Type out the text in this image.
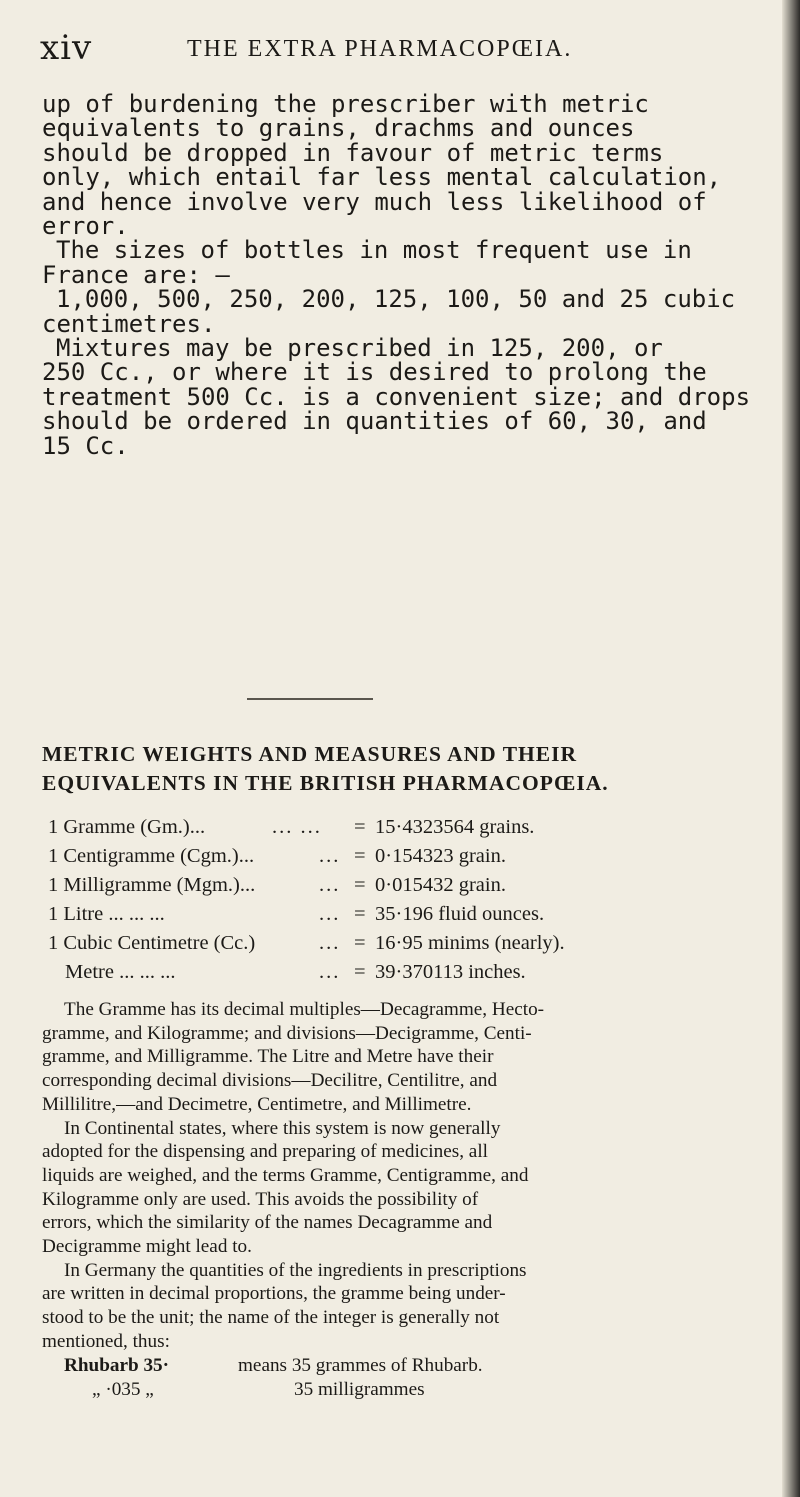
xiv	THE EXTRA PHARMACOPŒIA.

up of burdening the prescriber with metric

equivalents to grains, drachms and ounces

should be dropped in favour of metric terms

only, which entail far less mental calculation,

and hence involve very much less likelihood of

error.

The sizes of bottles in most frequent use in

France are: –

1,000, 500, 250, 200, 125, 100, 50 and 25 cubic

centimetres.

Mixtures may be prescribed in 125, 200, or

250 Cc., or where it is desired to prolong the

treatment 500 Cc. is a convenient size; and drops

should be ordered in quantities of 60, 30, and

15 Cc.

METRIC WEIGHTS AND MEASURES AND THEIR
EQUIVALENTS IN THE BRITISH PHARMACOPŒIA.
1 Gramme (Gm.)...	... ... = 15·4323564 grains.
1 Centigramme (Cgm.)...	... = 0·154323 grain.
1 Milligramme (Mgm.)...	... = 0·015432 grain.
1 Litre ... ... ...	... = 35·196 fluid ounces.
1 Cubic Centimetre (Cc.)	... = 16·95 minims (nearly).
Metre ... ... ...	... = 39·370113 inches.

The Gramme has its decimal multiples—Decagramme, Hecto-

gramme, and Kilogramme; and divisions—Decigramme, Centi-

gramme, and Milligramme. The Litre and Metre have their

corresponding decimal divisions—Decilitre, Centilitre, and

Millilitre,—and Decimetre, Centimetre, and Millimetre.

In Continental states, where this system is now generally

adopted for the dispensing and preparing of medicines, all

liquids are weighed, and the terms Gramme, Centigramme, and

Kilogramme only are used. This avoids the possibility of

errors, which the similarity of the names Decagramme and

Decigramme might lead to.

In Germany the quantities of the ingredients in prescriptions

are written in decimal proportions, the gramme being under-

stood to be the unit; the name of the integer is generally not

mentioned, thus:

Rhubarb 35·	means 35 grammes of Rhubarb.
„ ·035 „	35 milligrammes
